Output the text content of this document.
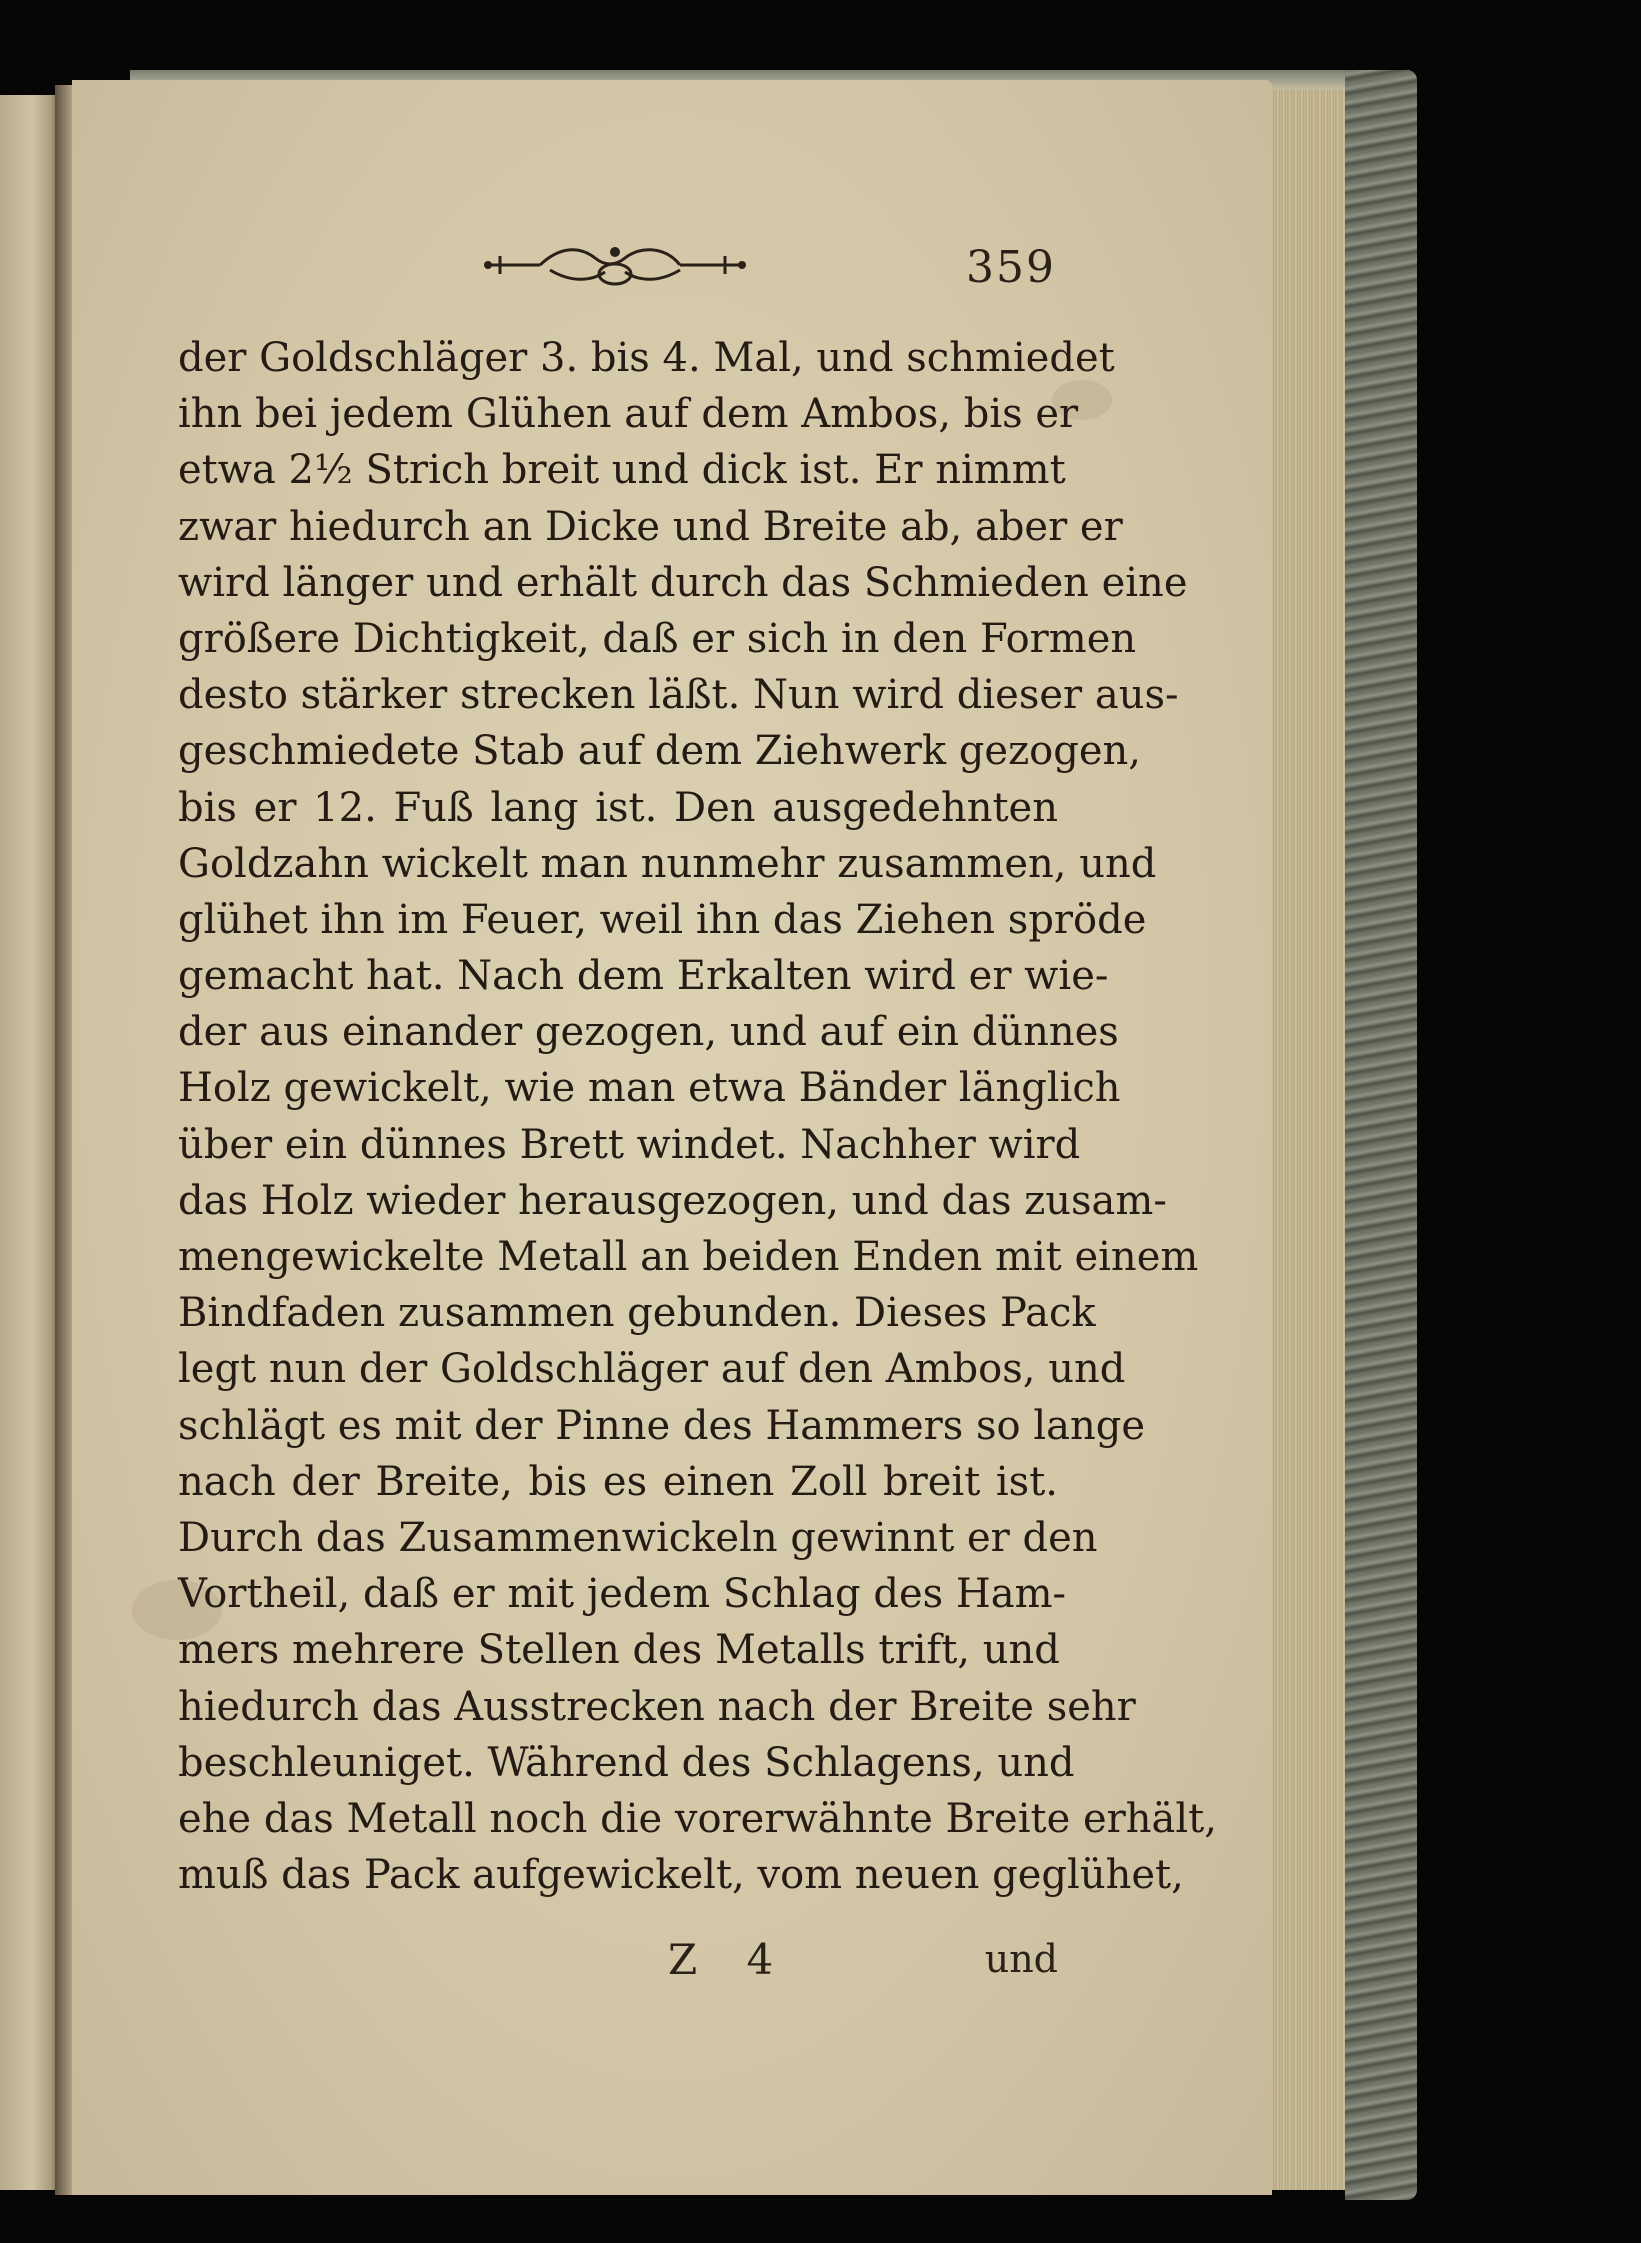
359
der Goldschläger 3. bis 4. Mal, und schmiedet
ihn bei jedem Glühen auf dem Ambos, bis er
etwa 2½ Strich breit und dick ist. Er nimmt
zwar hiedurch an Dicke und Breite ab, aber er
wird länger und erhält durch das Schmieden eine
größere Dichtigkeit, daß er sich in den Formen
desto stärker strecken läßt. Nun wird dieser aus-
geschmiedete Stab auf dem Ziehwerk gezogen,
bis er 12. Fuß lang ist. Den ausgedehnten
Goldzahn wickelt man nunmehr zusammen, und
glühet ihn im Feuer, weil ihn das Ziehen spröde
gemacht hat. Nach dem Erkalten wird er wie-
der aus einander gezogen, und auf ein dünnes
Holz gewickelt, wie man etwa Bänder länglich
über ein dünnes Brett windet. Nachher wird
das Holz wieder herausgezogen, und das zusam-
mengewickelte Metall an beiden Enden mit einem
Bindfaden zusammen gebunden. Dieses Pack
legt nun der Goldschläger auf den Ambos, und
schlägt es mit der Pinne des Hammers so lange
nach der Breite, bis es einen Zoll breit ist.
Durch das Zusammenwickeln gewinnt er den
Vortheil, daß er mit jedem Schlag des Ham-
mers mehrere Stellen des Metalls trift, und
hiedurch das Ausstrecken nach der Breite sehr
beschleuniget. Während des Schlagens, und
ehe das Metall noch die vorerwähnte Breite erhält,
muß das Pack aufgewickelt, vom neuen geglühet,
Z 4	und
